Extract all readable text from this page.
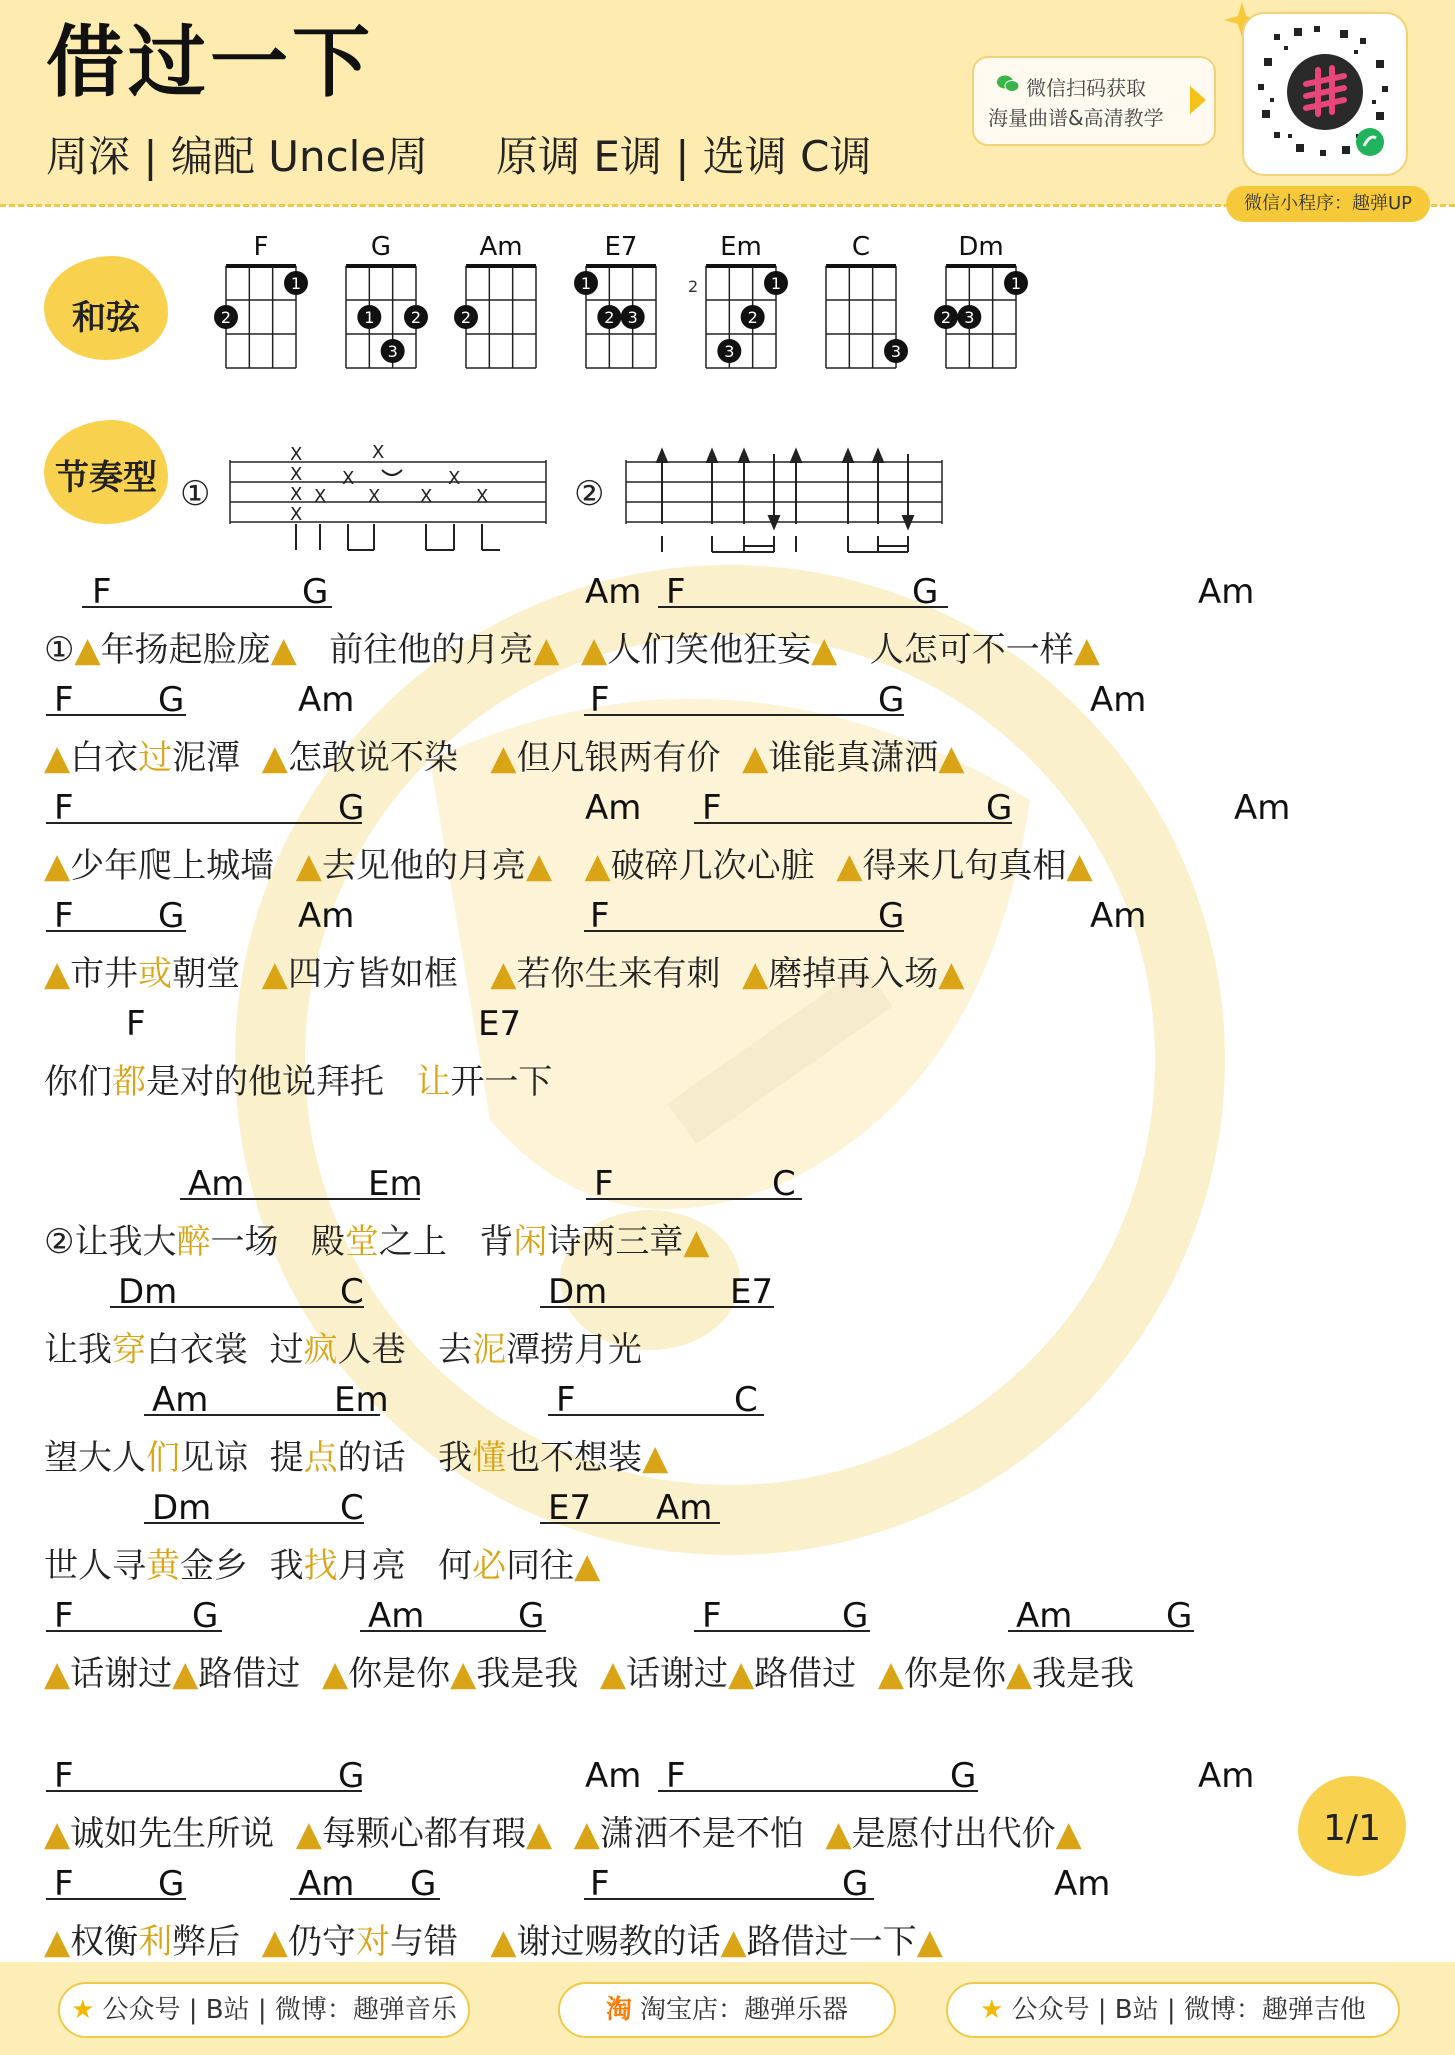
借过一下
周深 | 编配 Uncle周 原调 E调 | 选调 C调
微信扫码获取
海量曲谱&高清教学
微信小程序：趣弹UP
和弦
F
1
2
G
1 2
3
Am
2
E7
1
2 3
Em
1
2
3
2
C
3
Dm
1
2 3
节奏型 ①	②
X
X
X
X
X
X
X
X
X
X
X
F	G	Am F	G	Am
①▲年扬起脸庞▲ 前往他的月亮▲ ▲人们笑他狂妄▲ 人怎可不一样▲
F G	Am	F	G	Am
▲白衣过泥潭 ▲怎敢说不染 ▲但凡银两有价 ▲谁能真潇洒▲
F	G	Am F	G	Am
▲少年爬上城墙 ▲去见他的月亮▲ ▲破碎几次心脏 ▲得来几句真相▲
F G	Am	F	G	Am
▲市井或朝堂 ▲四方皆如框 ▲若你生来有刺 ▲磨掉再入场▲
F	E7
你们都是对的他说拜托 让开一下
Am	Em	F	C
②让我大醉一场 殿堂之上 背闲诗两三章▲
Dm	C	Dm	E7
让我穿白衣裳 过疯人巷 去泥潭捞月光
Am	Em	F	C
望大人们见谅 提点的话 我懂也不想装▲
Dm	C	E7 Am
世人寻黄金乡 我找月亮 何必同往▲
F	G	Am	G	F	G	Am	G
▲话谢过▲路借过 ▲你是你▲我是我 ▲话谢过▲路借过 ▲你是你▲我是我
F	G	Am F	G	Am
▲诚如先生所说 ▲每颗心都有瑕▲ ▲潇洒不是不怕 ▲是愿付出代价▲
F G	Am G	F	G	Am
▲权衡利弊后 ▲仍守对与错 ▲谢过赐教的话▲路借过一下▲
1/1
★ 公众号 | B站 | 微博：趣弹音乐	淘 淘宝店：趣弹乐器	★ 公众号 | B站 | 微博：趣弹吉他
